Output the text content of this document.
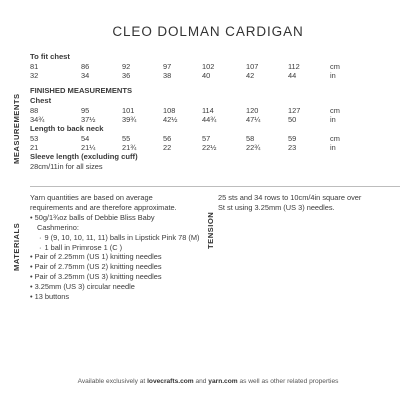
CLEO DOLMAN CARDIGAN
MEASUREMENTS
To fit chest
81	86	92	97	102	107	112	cm
32	34	36	38	40	42	44	in
FINISHED MEASUREMENTS
Chest
88	95	101	108	114	120	127	cm
34¾	37½	39¾	42½	44¾	47¼	50	in
Length to back neck
53	54	55	56	57	58	59	cm
21	21¼	21¾	22	22½	22¾	23	in
Sleeve length (excluding cuff)
28cm/11in for all sizes
MATERIALS
Yarn quantities are based on average
requirements and are therefore approximate.
• 50g/1¾oz balls of Debbie Bliss Baby
Cashmerino:
· 9 (9, 10, 10, 11, 11) balls in Lipstick Pink 78 (M)
· 1 ball in Primrose 1 (C )
• Pair of 2.25mm (US 1) knitting needles
• Pair of 2.75mm (US 2) knitting needles
• Pair of 3.25mm (US 3) knitting needles
• 3.25mm (US 3) circular needle
• 13 buttons
TENSION
25 sts and 34 rows to 10cm/4in square over
St st using 3.25mm (US 3) needles.
Available exclusively at lovecrafts.com and yarn.com as well as other related properties
